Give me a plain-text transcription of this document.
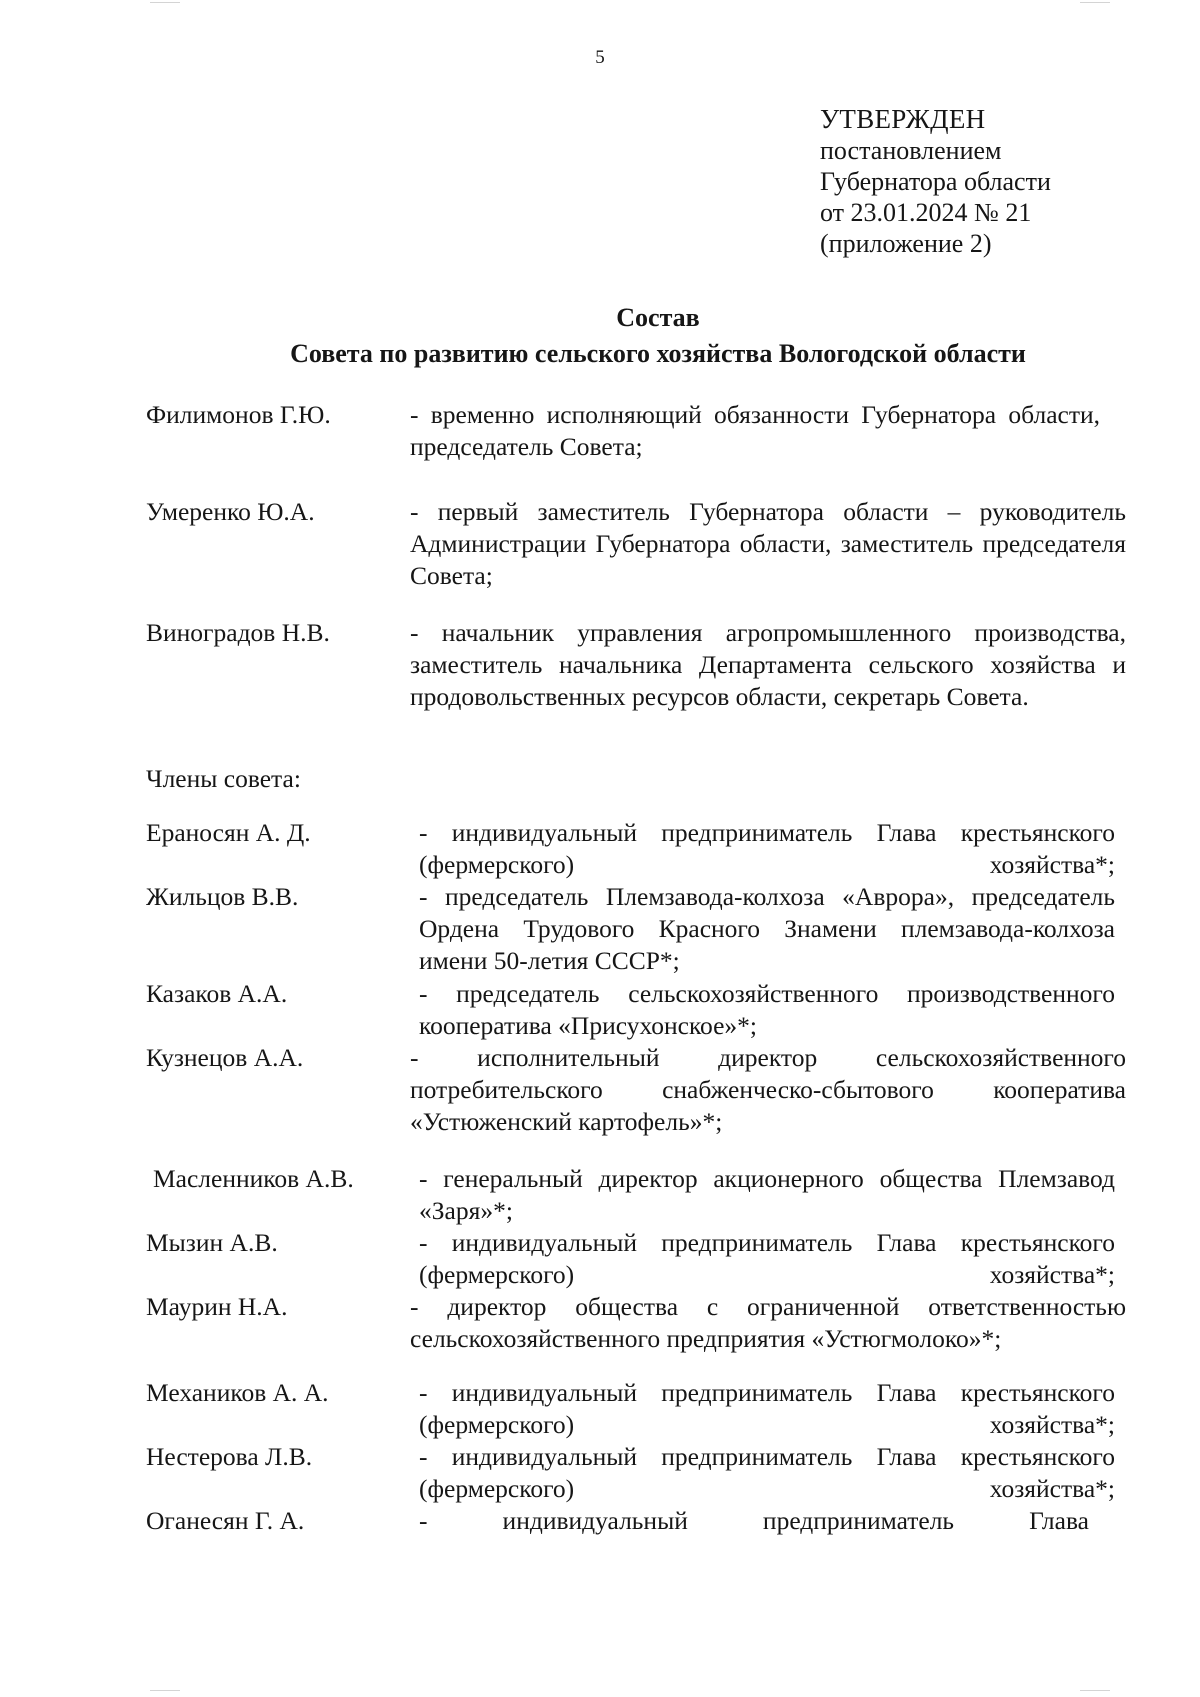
5
УТВЕРЖДЕН
постановлением
Губернатора области
от 23.01.2024 № 21
(приложение 2)
Состав
Совета по развитию сельского хозяйства Вологодской области
Филимонов Г.Ю.	- временно исполняющий обязанности Губернатора области, председатель Совета;
Умеренко Ю.А.	- первый заместитель Губернатора области – руководитель Администрации Губернатора области, заместитель председателя Совета;
Виноградов Н.В.	- начальник управления агропромышленного производства, заместитель начальника Департамента сельского хозяйства и продовольственных ресурсов области, секретарь Совета.
Члены совета:
Ераносян А. Д.	- индивидуальный предприниматель Глава крестьянского (фермерского) хозяйства*;
Жильцов В.В.	- председатель Племзавода-колхоза «Аврора», председатель Ордена Трудового Красного Знамени племзавода-колхоза имени 50-летия СССР*;
Казаков А.А.	- председатель сельскохозяйственного производственного кооператива «Присухонское»*;
Кузнецов А.А.	- исполнительный директор сельскохозяйственного потребительского снабженческо-сбытового кооператива «Устюженский картофель»*;
Масленников А.В.	- генеральный директор акционерного общества Племзавод «Заря»*;
Мызин А.В.	- индивидуальный предприниматель Глава крестьянского (фермерского) хозяйства*;
Маурин Н.А.	- директор общества с ограниченной ответственностью сельскохозяйственного предприятия «Устюгмолоко»*;
Механиков А. А.	- индивидуальный предприниматель Глава крестьянского (фермерского) хозяйства*;
Нестерова Л.В.	- индивидуальный предприниматель Глава крестьянского (фермерского) хозяйства*;
Оганесян Г. А.	- индивидуальный предприниматель Глава
